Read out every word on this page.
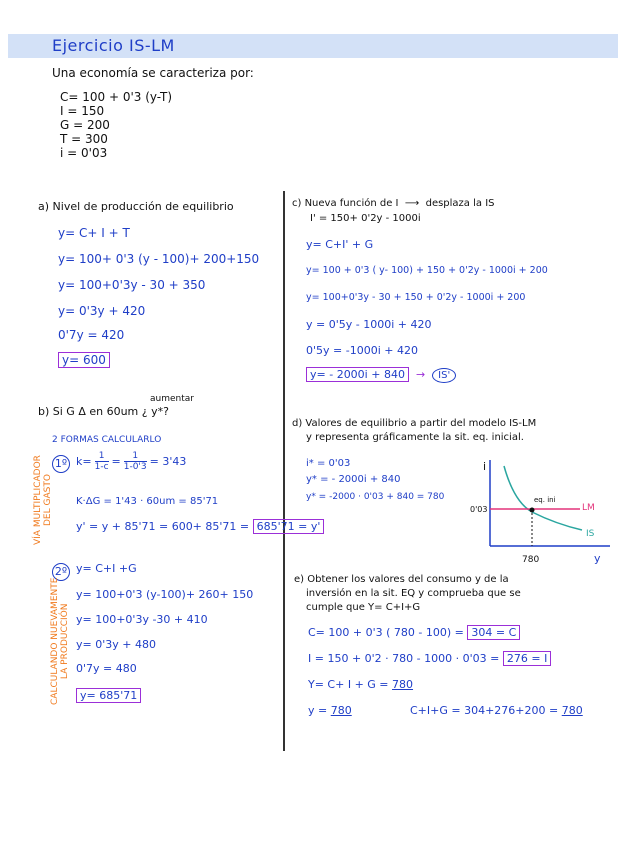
Ejercicio IS-LM
Una economía se caracteriza por:
C= 100 + 0'3 (y-T)
I = 150
G = 200
T = 300
i = 0'03
a) Nivel de producción de equilibrio
y= C+ I + T
y= 100+ 0'3 (y - 100)+ 200+150
y= 100+0'3y - 30 + 350
y= 0'3y + 420
0'7y = 420
y= 600
aumentar
b) Si G Δ en 60um ¿ y*?
2 FORMAS CALCULARLO
1º $k= \frac{1}{1-c} = \frac{1}{1-0'3} = 3'43$
K·ΔG = 1'43 · 60um = 85'71
y' = y + 85'71 = 600+ 85'71 = 685'71 = y'
VÍA MULTIPLICADOR DEL GASTO
2º y= C+I +G
y= 100+0'3 (y-100)+ 260+ 150
y= 100+0'3y -30 + 410
y= 0'3y + 480
0'7y = 480
y= 685'71
CALCULANDO NUEVAMENTE LA PRODUCCIÓN
c) Nueva función de I  ⟶  desplaza la IS
I' = 150+ 0'2y - 1000i
y= C+I' + G
y= 100 + 0'3 ( y- 100) + 150 + 0'2y - 1000i + 200
y= 100+0'3y - 30 + 150 + 0'2y - 1000i + 200
y = 0'5y - 1000i + 420
0'5y = -1000i + 420
y= - 2000i + 840  →  IS'
d) Valores de equilibrio a partir del modelo IS-LM
y representa gráficamente la sit. eq. inicial.
i* = 0'03
y* = - 2000i + 840
y* = -2000 · 0'03 + 840 = 780
i
y
0'03
780
eq. ini
LM
IS
e) Obtener los valores del consumo y de la
inversión en la sit. EQ y comprueba que se
cumple que Y= C+I+G
C= 100 + 0'3 ( 780 - 100) = 304 = C
I = 150 + 0'2 · 780 - 1000 · 0'03 = 276 = I
Y= C+ I + G = 780
y = 780	C+I+G = 304+276+200 = 780
